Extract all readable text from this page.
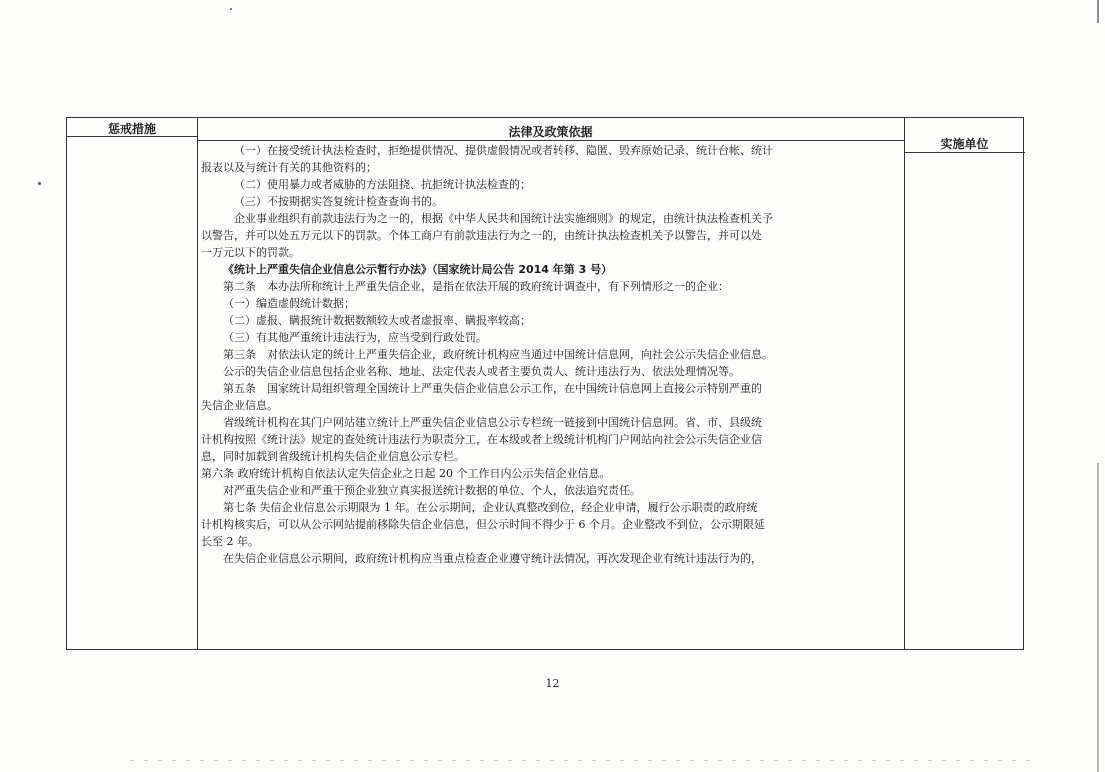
惩戒措施	法律及政策依据
实施单位

（一）在接受统计执法检查时，拒绝提供情况、提供虚假情况或者转移、隐匿、毁弃原始记录、统计台帐、统计

报表以及与统计有关的其他资料的；

（二）使用暴力或者威胁的方法阻挠、抗拒统计执法检查的；

（三）不按期据实答复统计检查查询书的。

企业事业组织有前款违法行为之一的，根据《中华人民共和国统计法实施细则》的规定，由统计执法检查机关予

以警告，并可以处五万元以下的罚款。个体工商户有前款违法行为之一的，由统计执法检查机关予以警告，并可以处

一万元以下的罚款。

《统计上严重失信企业信息公示暂行办法》（国家统计局公告 2014 年第 3 号）

第二条　本办法所称统计上严重失信企业，是指在依法开展的政府统计调查中，有下列情形之一的企业：

（一）编造虚假统计数据；

（二）虚报、瞒报统计数据数额较大或者虚报率、瞒报率较高；

（三）有其他严重统计违法行为，应当受到行政处罚。

第三条　对依法认定的统计上严重失信企业，政府统计机构应当通过中国统计信息网，向社会公示失信企业信息。

公示的失信企业信息包括企业名称、地址、法定代表人或者主要负责人、统计违法行为、依法处理情况等。

第五条　国家统计局组织管理全国统计上严重失信企业信息公示工作，在中国统计信息网上直接公示特别严重的

失信企业信息。

省级统计机构在其门户网站建立统计上严重失信企业信息公示专栏统一链接到中国统计信息网。省、市、县级统

计机构按照《统计法》规定的查处统计违法行为职责分工，在本级或者上级统计机构门户网站向社会公示失信企业信

息，同时加载到省级统计机构失信企业信息公示专栏。

第六条 政府统计机构自依法认定失信企业之日起 20 个工作日内公示失信企业信息。

对严重失信企业和严重干预企业独立真实报送统计数据的单位、个人，依法追究责任。

第七条 失信企业信息公示期限为 1 年。在公示期间，企业认真整改到位，经企业申请，履行公示职责的政府统

计机构核实后，可以从公示网站提前移除失信企业信息，但公示时间不得少于 6 个月。企业整改不到位，公示期限延

长至 2 年。

在失信企业信息公示期间，政府统计机构应当重点检查企业遵守统计法情况，再次发现企业有统计违法行为的，

12
